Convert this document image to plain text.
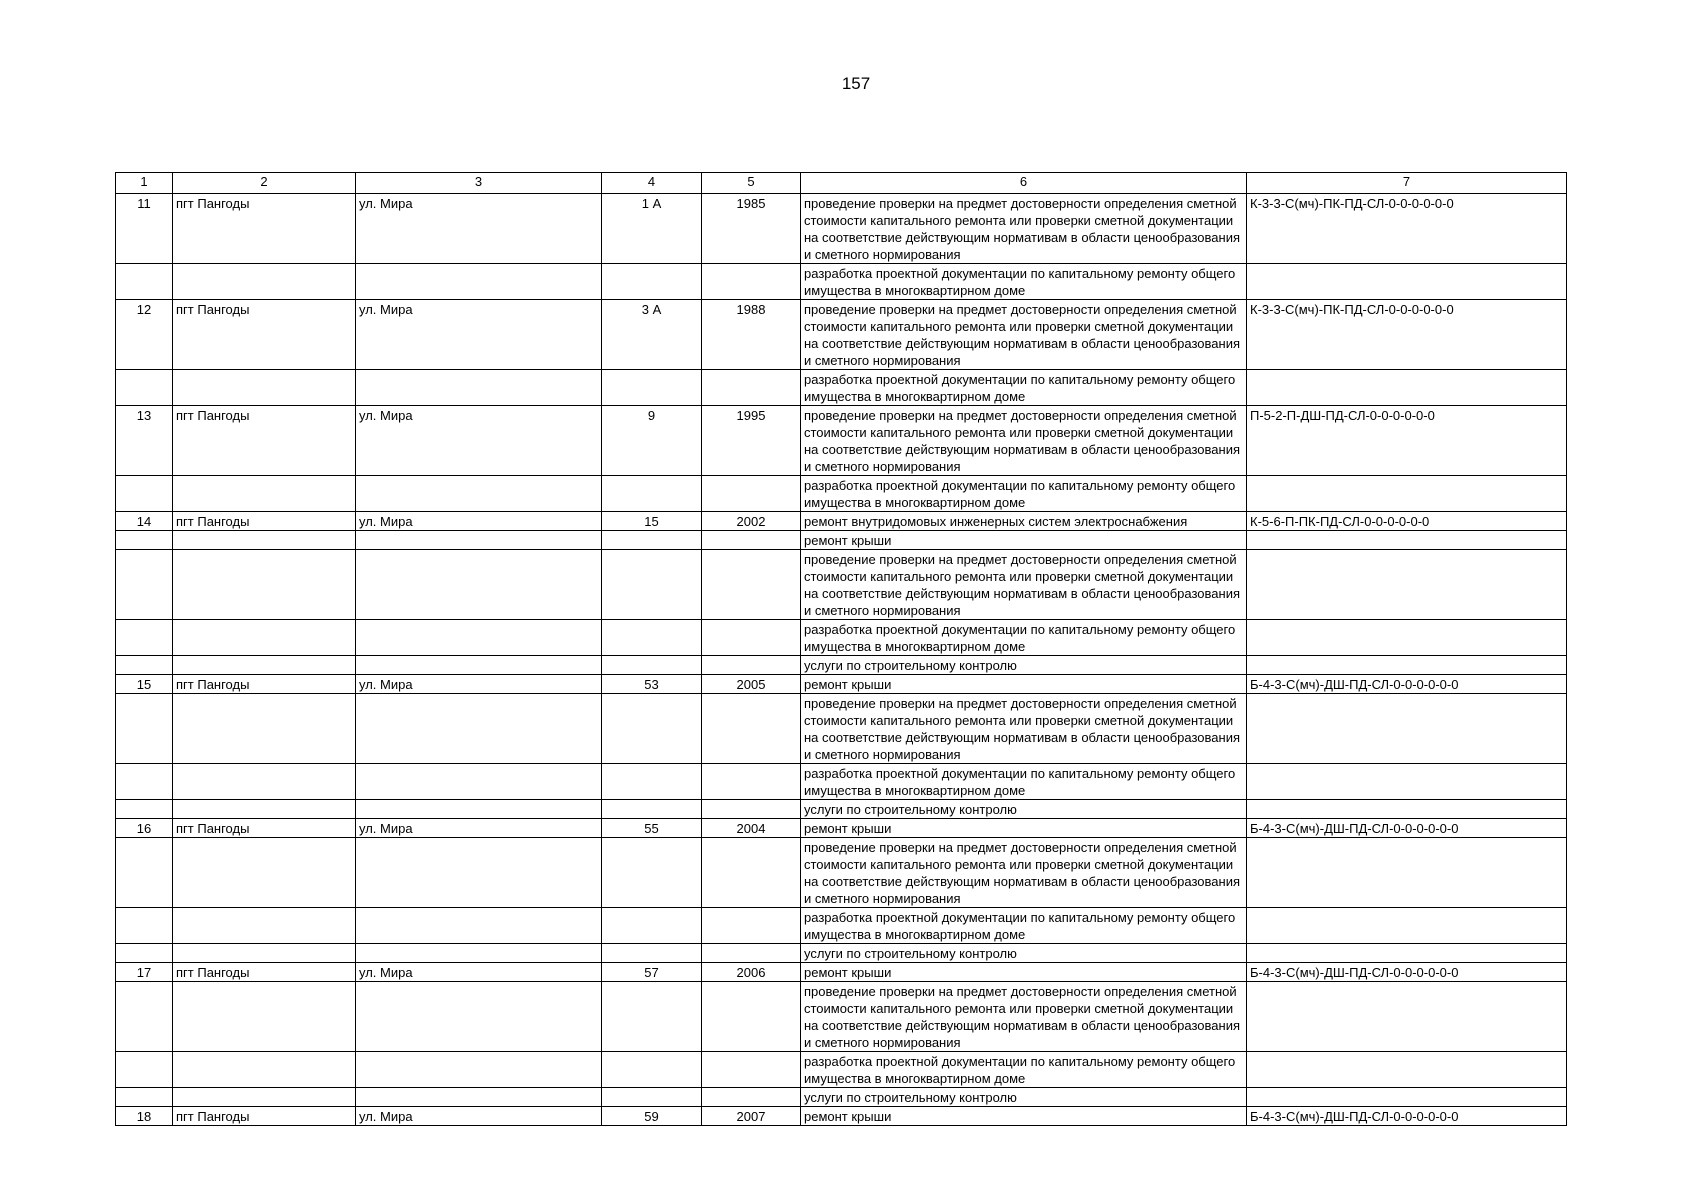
157
1	2	3	4	5	6	7
11	пгт Пангоды	ул. Мира	1 А	1985	проведение проверки на предмет достоверности определения сметной стоимости капитального ремонта или проверки сметной документации на соответствие действующим нормативам в области ценообразования и сметного нормирования	К-3-3-С(мч)-ПК-ПД-СЛ-0-0-0-0-0-0
					разработка проектной документации по капитальному ремонту общего имущества в многоквартирном доме	
12	пгт Пангоды	ул. Мира	3 А	1988	проведение проверки на предмет достоверности определения сметной стоимости капитального ремонта или проверки сметной документации на соответствие действующим нормативам в области ценообразования и сметного нормирования	К-3-3-С(мч)-ПК-ПД-СЛ-0-0-0-0-0-0
					разработка проектной документации по капитальному ремонту общего имущества в многоквартирном доме	
13	пгт Пангоды	ул. Мира	9	1995	проведение проверки на предмет достоверности определения сметной стоимости капитального ремонта или проверки сметной документации на соответствие действующим нормативам в области ценообразования и сметного нормирования	П-5-2-П-ДШ-ПД-СЛ-0-0-0-0-0-0
					разработка проектной документации по капитальному ремонту общего имущества в многоквартирном доме	
14	пгт Пангоды	ул. Мира	15	2002	ремонт внутридомовых инженерных систем электроснабжения	К-5-6-П-ПК-ПД-СЛ-0-0-0-0-0-0
					ремонт крыши	
					проведение проверки на предмет достоверности определения сметной стоимости капитального ремонта или проверки сметной документации на соответствие действующим нормативам в области ценообразования и сметного нормирования	
					разработка проектной документации по капитальному ремонту общего имущества в многоквартирном доме	
					услуги по строительному контролю	
15	пгт Пангоды	ул. Мира	53	2005	ремонт крыши	Б-4-3-С(мч)-ДШ-ПД-СЛ-0-0-0-0-0-0
					проведение проверки на предмет достоверности определения сметной стоимости капитального ремонта или проверки сметной документации на соответствие действующим нормативам в области ценообразования и сметного нормирования	
					разработка проектной документации по капитальному ремонту общего имущества в многоквартирном доме	
					услуги по строительному контролю	
16	пгт Пангоды	ул. Мира	55	2004	ремонт крыши	Б-4-3-С(мч)-ДШ-ПД-СЛ-0-0-0-0-0-0
					проведение проверки на предмет достоверности определения сметной стоимости капитального ремонта или проверки сметной документации на соответствие действующим нормативам в области ценообразования и сметного нормирования	
					разработка проектной документации по капитальному ремонту общего имущества в многоквартирном доме	
					услуги по строительному контролю	
17	пгт Пангоды	ул. Мира	57	2006	ремонт крыши	Б-4-3-С(мч)-ДШ-ПД-СЛ-0-0-0-0-0-0
					проведение проверки на предмет достоверности определения сметной стоимости капитального ремонта или проверки сметной документации на соответствие действующим нормативам в области ценообразования и сметного нормирования	
					разработка проектной документации по капитальному ремонту общего имущества в многоквартирном доме	
					услуги по строительному контролю	
18	пгт Пангоды	ул. Мира	59	2007	ремонт крыши	Б-4-3-С(мч)-ДШ-ПД-СЛ-0-0-0-0-0-0
